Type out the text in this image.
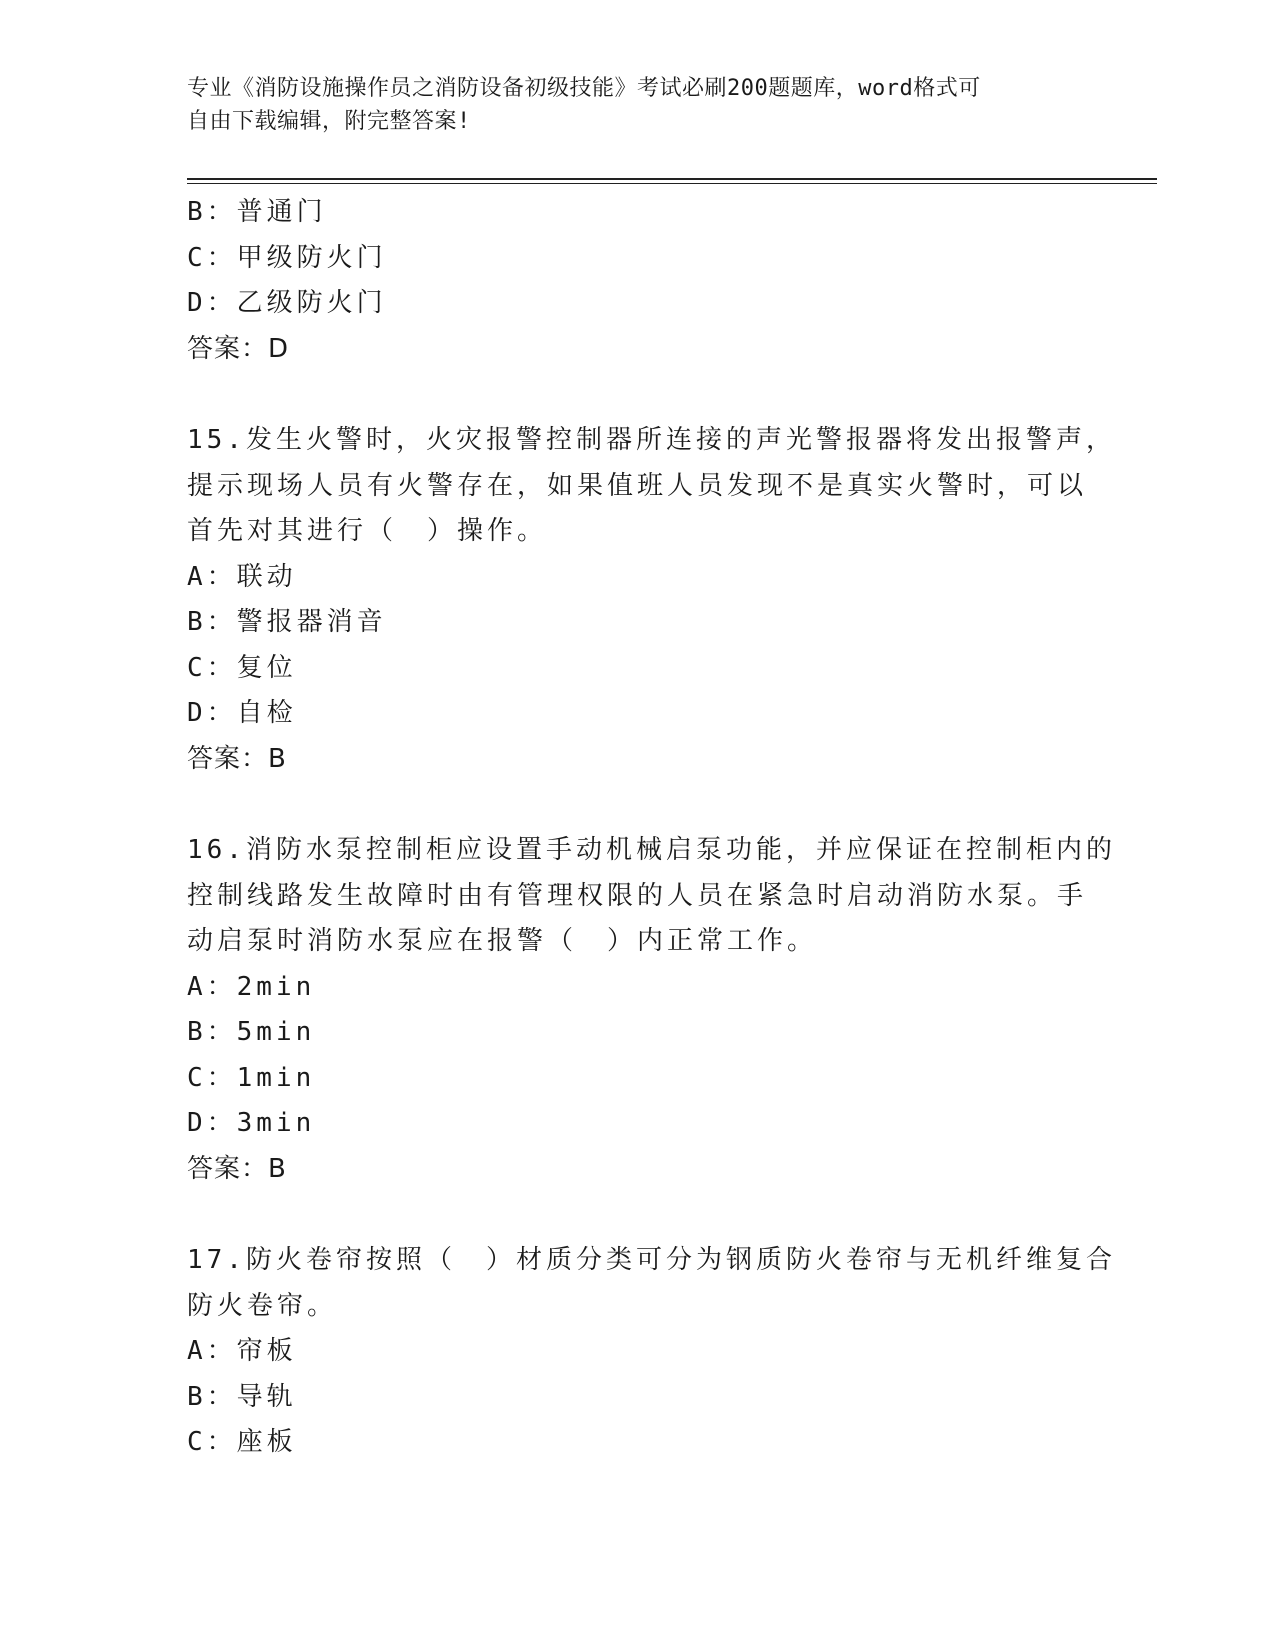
专业《消防设施操作员之消防设备初级技能》考试必刷200题题库，word格式可
自由下载编辑，附完整答案!
B：普通门
C：甲级防火门
D：乙级防火门
答案：D
15.发生火警时，火灾报警控制器所连接的声光警报器将发出报警声，
提示现场人员有火警存在，如果值班人员发现不是真实火警时，可以
首先对其进行（　）操作。
A：联动
B：警报器消音
C：复位
D：自检
答案：B
16.消防水泵控制柜应设置手动机械启泵功能，并应保证在控制柜内的
控制线路发生故障时由有管理权限的人员在紧急时启动消防水泵。手
动启泵时消防水泵应在报警（　）内正常工作。
A：2min
B：5min
C：1min
D：3min
答案：B
17.防火卷帘按照（　）材质分类可分为钢质防火卷帘与无机纤维复合
防火卷帘。
A：帘板
B：导轨
C：座板
